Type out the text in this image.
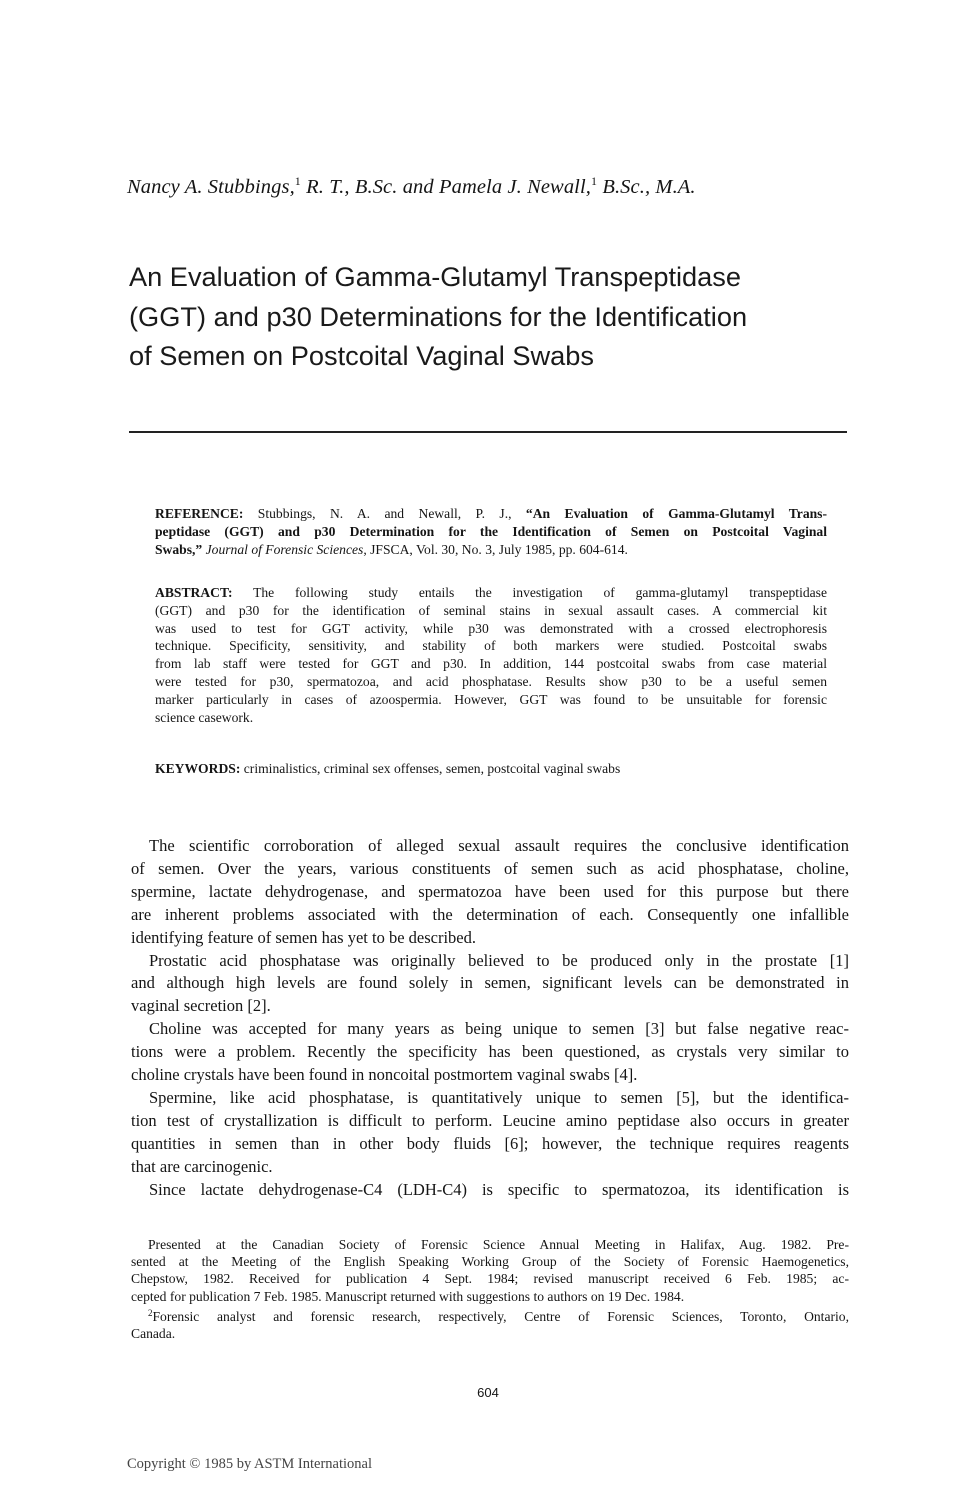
Nancy A. Stubbings,$^1$ R. T., B.Sc. and Pamela J. Newall,$^1$ B.Sc., M.A.
An Evaluation of Gamma-Glutamyl Transpeptidase
(GGT) and p30 Determinations for the Identification
of Semen on Postcoital Vaginal Swabs
REFERENCE: Stubbings, N. A. and Newall, P. J., “An Evaluation of Gamma-Glutamyl Trans-
peptidase (GGT) and p30 Determination for the Identification of Semen on Postcoital Vaginal
Swabs,” Journal of Forensic Sciences, JFSCA, Vol. 30, No. 3, July 1985, pp. 604-614.
ABSTRACT: The following study entails the investigation of gamma-glutamyl transpeptidase
(GGT) and p30 for the identification of seminal stains in sexual assault cases. A commercial kit
was used to test for GGT activity, while p30 was demonstrated with a crossed electrophoresis
technique. Specificity, sensitivity, and stability of both markers were studied. Postcoital swabs
from lab staff were tested for GGT and p30. In addition, 144 postcoital swabs from case material
were tested for p30, spermatozoa, and acid phosphatase. Results show p30 to be a useful semen
marker particularly in cases of azoospermia. However, GGT was found to be unsuitable for forensic
science casework.
KEYWORDS: criminalistics, criminal sex offenses, semen, postcoital vaginal swabs
The scientific corroboration of alleged sexual assault requires the conclusive identification
of semen. Over the years, various constituents of semen such as acid phosphatase, choline,
spermine, lactate dehydrogenase, and spermatozoa have been used for this purpose but there
are inherent problems associated with the determination of each. Consequently one infallible
identifying feature of semen has yet to be described.
Prostatic acid phosphatase was originally believed to be produced only in the prostate [1]
and although high levels are found solely in semen, significant levels can be demonstrated in
vaginal secretion [2].
Choline was accepted for many years as being unique to semen [3] but false negative reac-
tions were a problem. Recently the specificity has been questioned, as crystals very similar to
choline crystals have been found in noncoital postmortem vaginal swabs [4].
Spermine, like acid phosphatase, is quantitatively unique to semen [5], but the identifica-
tion test of crystallization is difficult to perform. Leucine amino peptidase also occurs in greater
quantities in semen than in other body fluids [6]; however, the technique requires reagents
that are carcinogenic.
Since lactate dehydrogenase-C4 (LDH-C4) is specific to spermatozoa, its identification is
Presented at the Canadian Society of Forensic Science Annual Meeting in Halifax, Aug. 1982. Pre-
sented at the Meeting of the English Speaking Working Group of the Society of Forensic Haemogenetics,
Chepstow, 1982. Received for publication 4 Sept. 1984; revised manuscript received 6 Feb. 1985; ac-
cepted for publication 7 Feb. 1985. Manuscript returned with suggestions to authors on 19 Dec. 1984.
$^2$Forensic analyst and forensic research, respectively, Centre of Forensic Sciences, Toronto, Ontario,
Canada.
604
Copyright © 1985 by ASTM International
